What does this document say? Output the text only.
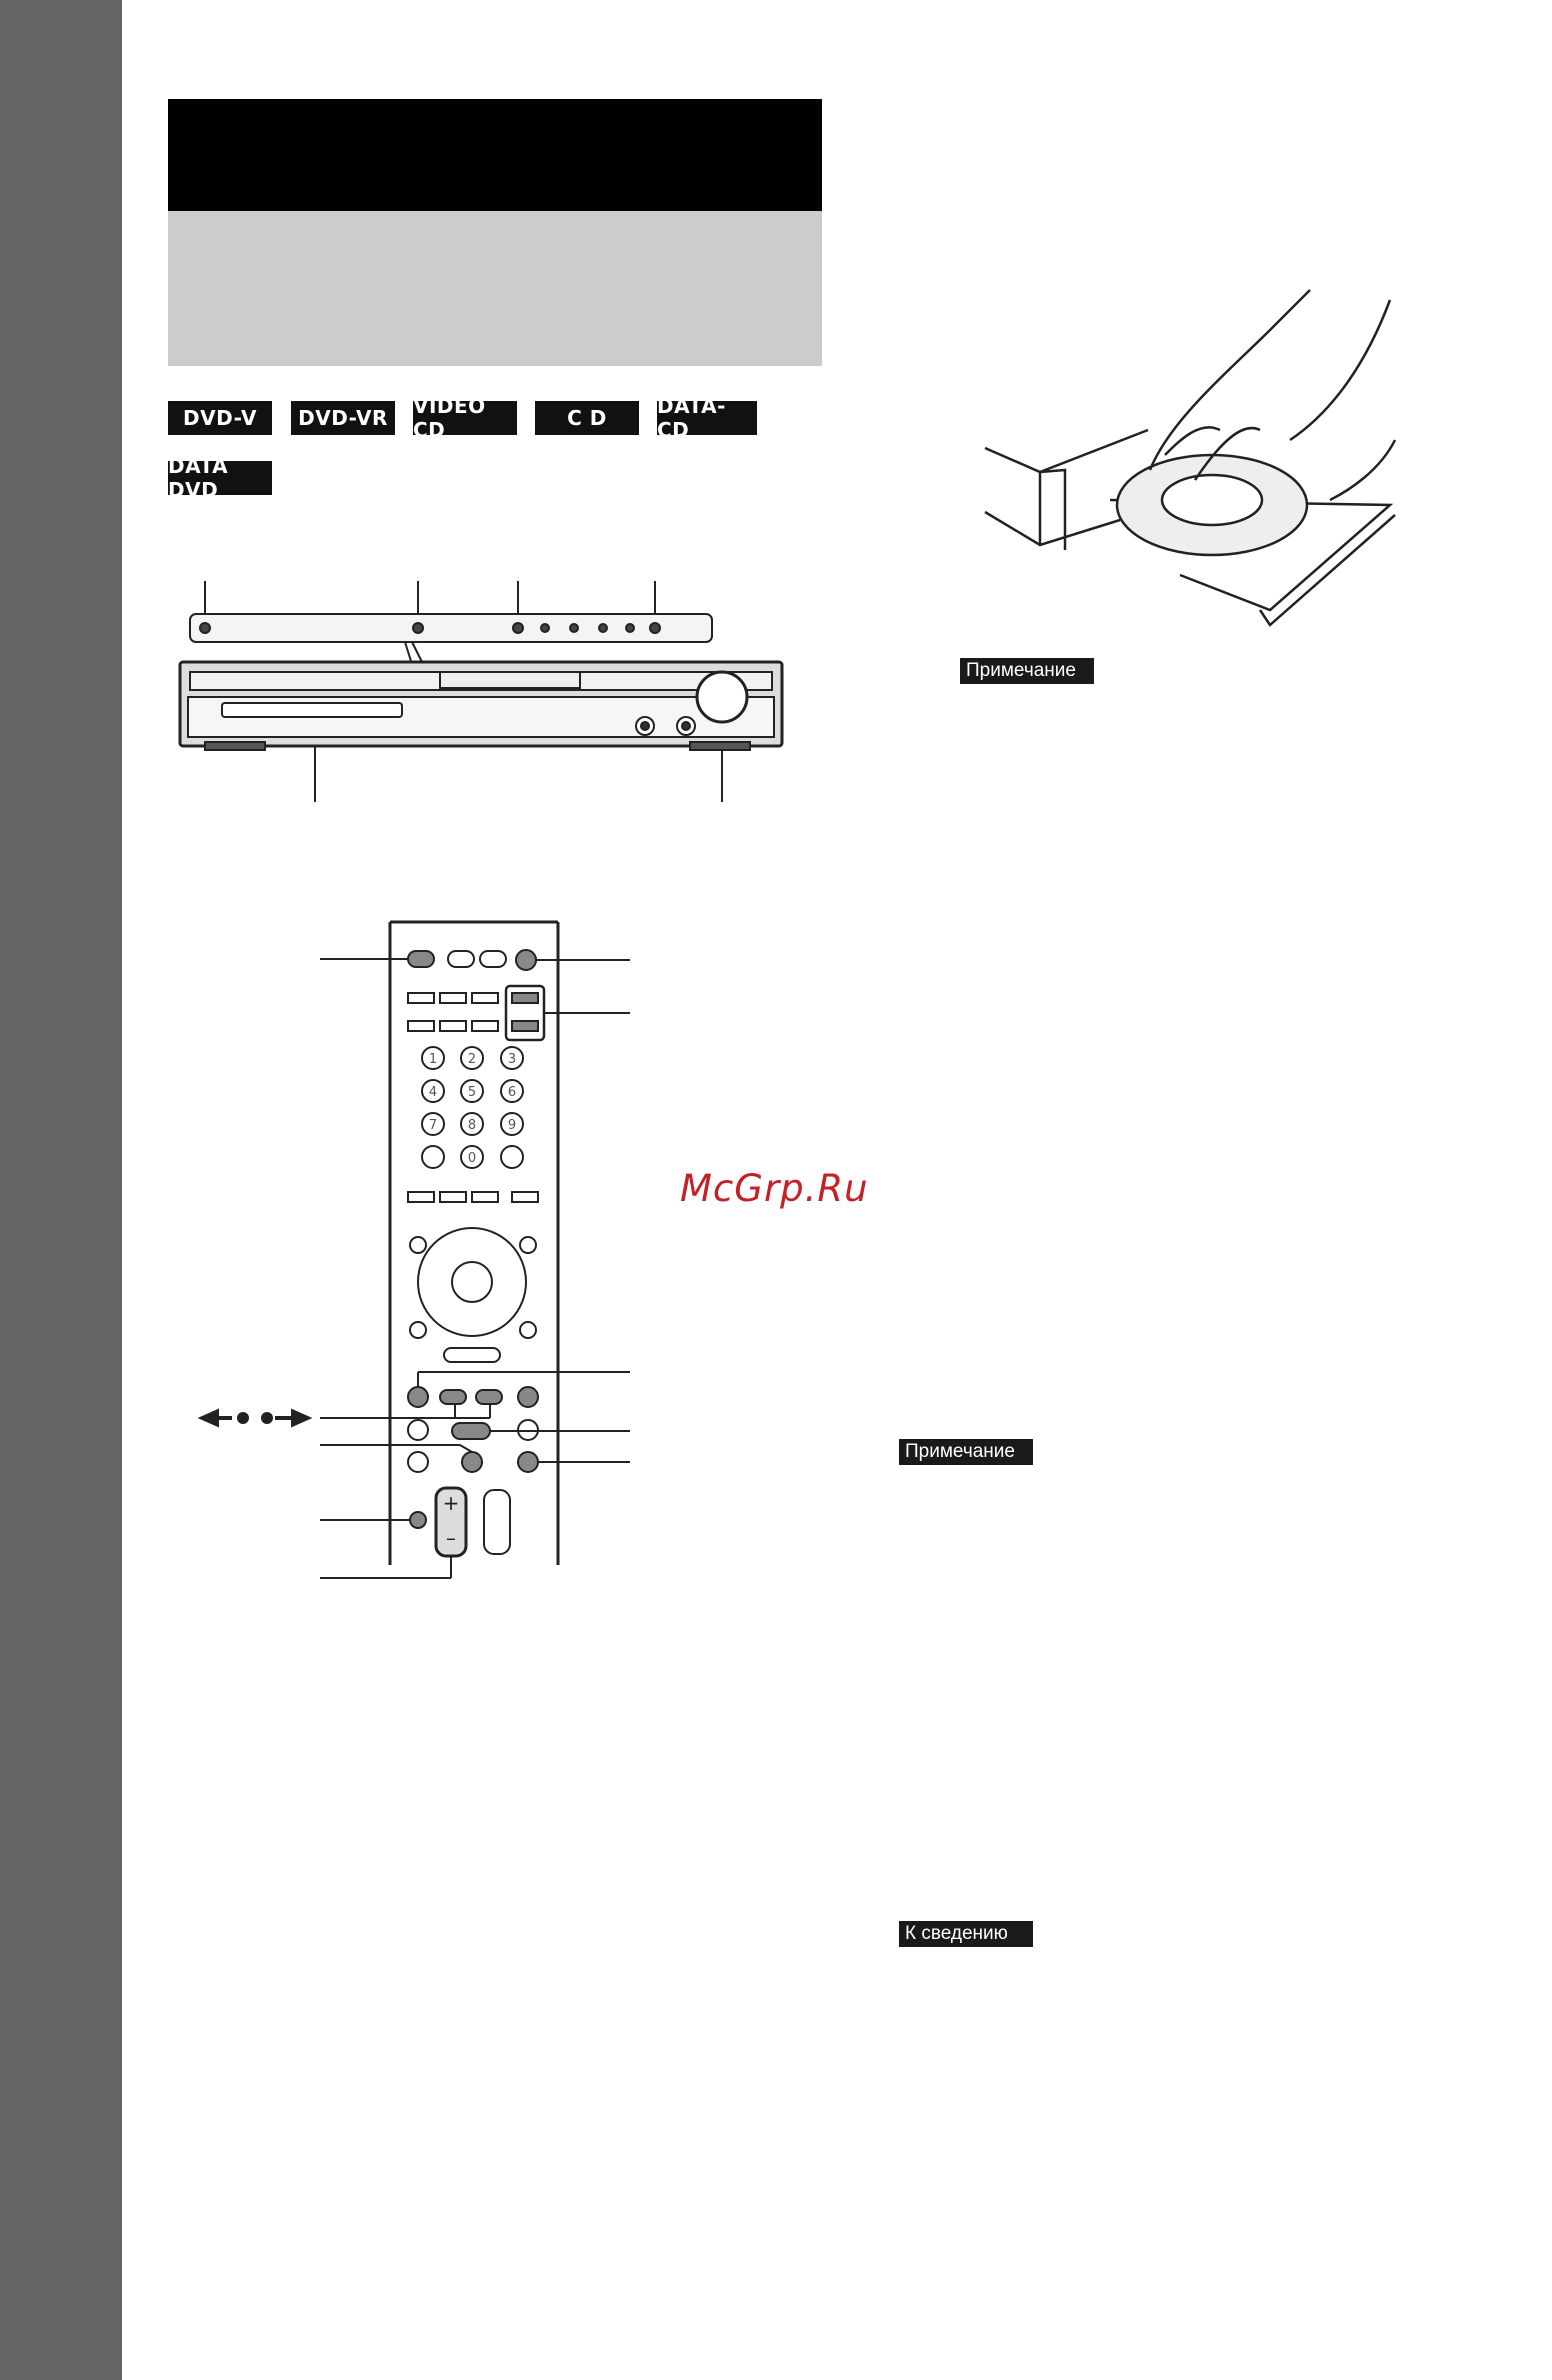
DVD-V	DVD-VR	VIDEO CD	C D	DATA-CD
DATA DVD
1 2 3
4 5 6
7 8 9
0
+
–
Примечание
Примечание
К сведению
McGrp.Ru
